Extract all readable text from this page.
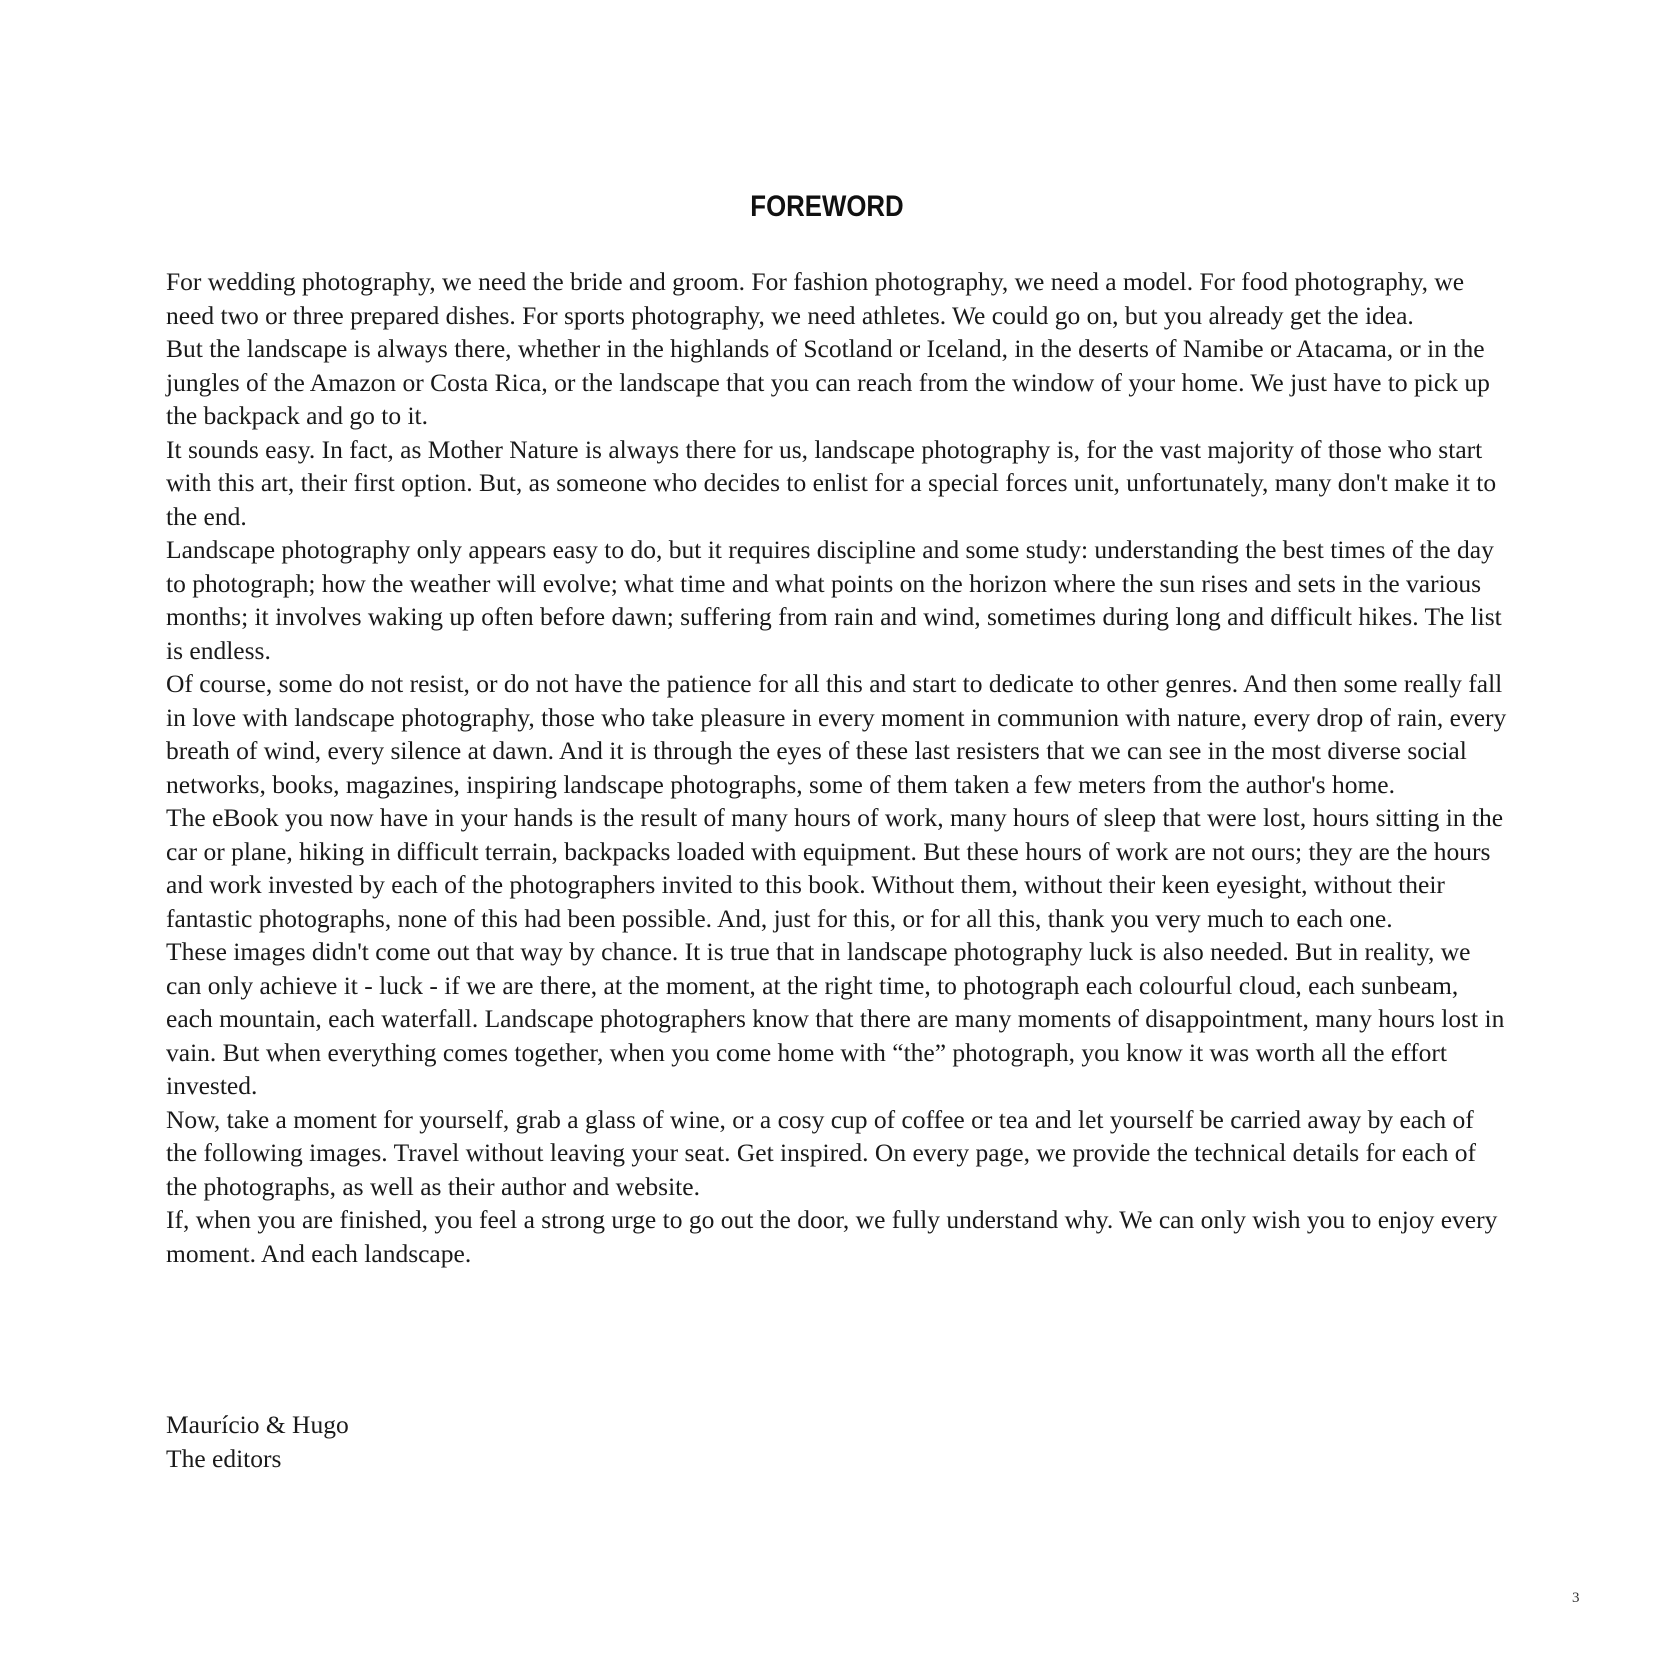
FOREWORD

For wedding photography, we need the bride and groom. For fashion photography, we need a model. For food photography, we need two or three prepared dishes. For sports photography, we need athletes. We could go on, but you already get the idea.

But the landscape is always there, whether in the highlands of Scotland or Iceland, in the deserts of Namibe or Atacama, or in the jungles of the Amazon or Costa Rica, or the landscape that you can reach from the window of your home. We just have to pick up the backpack and go to it.

It sounds easy. In fact, as Mother Nature is always there for us, landscape photography is, for the vast majority of those who start with this art, their first option. But, as someone who decides to enlist for a special forces unit, unfortunately, many don't make it to the end.

Landscape photography only appears easy to do, but it requires discipline and some study: understanding the best times of the day to photograph; how the weather will evolve; what time and what points on the horizon where the sun rises and sets in the various months; it involves waking up often before dawn; suffering from rain and wind, sometimes during long and difficult hikes. The list is endless.

Of course, some do not resist, or do not have the patience for all this and start to dedicate to other genres. And then some really fall in love with landscape photography, those who take pleasure in every moment in communion with nature, every drop of rain, every breath of wind, every silence at dawn. And it is through the eyes of these last resisters that we can see in the most diverse social networks, books, magazines, inspiring landscape photographs, some of them taken a few meters from the author's home.

The eBook you now have in your hands is the result of many hours of work, many hours of sleep that were lost, hours sitting in the car or plane, hiking in difficult terrain, backpacks loaded with equipment. But these hours of work are not ours; they are the hours and work invested by each of the photographers invited to this book. Without them, without their keen eyesight, without their fantastic photographs, none of this had been possible. And, just for this, or for all this, thank you very much to each one.

These images didn't come out that way by chance. It is true that in landscape photography luck is also needed. But in reality, we can only achieve it - luck - if we are there, at the moment, at the right time, to photograph each colourful cloud, each sunbeam, each mountain, each waterfall. Landscape photographers know that there are many moments of disappointment, many hours lost in vain. But when everything comes together, when you come home with “the” photograph, you know it was worth all the effort invested.

Now, take a moment for yourself, grab a glass of wine, or a cosy cup of coffee or tea and let yourself be carried away by each of the following images. Travel without leaving your seat. Get inspired. On every page, we provide the technical details for each of the photographs, as well as their author and website.

If, when you are finished, you feel a strong urge to go out the door, we fully understand why. We can only wish you to enjoy every moment. And each landscape.

Maurício & Hugo
The editors
3
